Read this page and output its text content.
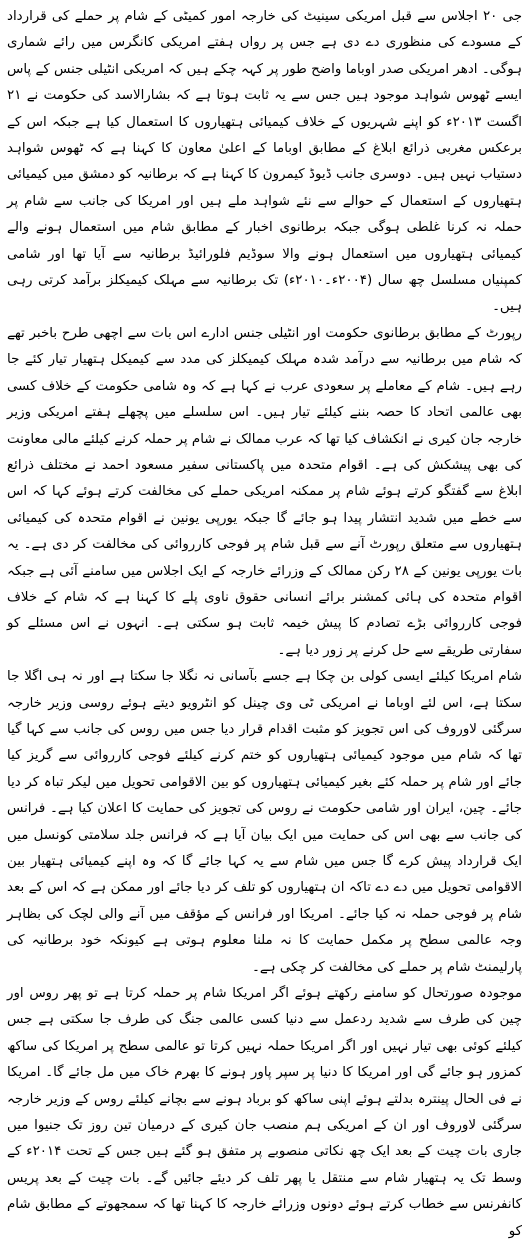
جی ۲۰ اجلاس سے قبل امریکی سینیٹ کی خارجہ امور کمیٹی کے شام پر حملے کی قرارداد کے مسودے کی منظوری دے دی ہے جس پر رواں ہفتے امریکی کانگرس میں رائے شماری ہوگی۔ ادھر امریکی صدر اوباما واضح طور پر کہہ چکے ہیں کہ امریکی انٹیلی جنس کے پاس ایسے ٹھوس شواہد موجود ہیں جس سے یہ ثابت ہوتا ہے کہ بشارالاسد کی حکومت نے ۲۱ اگست ۲۰۱۳ء کو اپنے شہریوں کے خلاف کیمیائی ہتھیاروں کا استعمال کیا ہے جبکہ اس کے برعکس مغربی ذرائع ابلاغ کے مطابق اوباما کے اعلیٰ معاون کا کہنا ہے کہ ٹھوس شواہد دستیاب نہیں ہیں۔ دوسری جانب ڈیوڈ کیمرون کا کہنا ہے کہ برطانیہ کو دمشق میں کیمیائی ہتھیاروں کے استعمال کے حوالے سے نئے شواہد ملے ہیں اور امریکا کی جانب سے شام پر حملہ نہ کرنا غلطی ہوگی جبکہ برطانوی اخبار کے مطابق شام میں استعمال ہونے والے کیمیائی ہتھیاروں میں استعمال ہونے والا سوڈیم فلورائیڈ برطانیہ سے آیا تھا اور شامی کمپنیاں مسلسل چھ سال (۲۰۰۴ء۔۲۰۱۰ء) تک برطانیہ سے مہلک کیمیکلز برآمد کرتی رہی ہیں۔

رپورٹ کے مطابق برطانوی حکومت اور انٹیلی جنس ادارے اس بات سے اچھی طرح باخبر تھے کہ شام میں برطانیہ سے درآمد شدہ مہلک کیمیکلز کی مدد سے کیمیکل ہتھیار تیار کئے جا رہے ہیں۔ شام کے معاملے پر سعودی عرب نے کہا ہے کہ وہ شامی حکومت کے خلاف کسی بھی عالمی اتحاد کا حصہ بننے کیلئے تیار ہیں۔ اس سلسلے میں پچھلے ہفتے امریکی وزیر خارجہ جان کیری نے انکشاف کیا تھا کہ عرب ممالک نے شام پر حملہ کرنے کیلئے مالی معاونت کی بھی پیشکش کی ہے۔ اقوام متحدہ میں پاکستانی سفیر مسعود احمد نے مختلف ذرائع ابلاغ سے گفتگو کرتے ہوئے شام پر ممکنہ امریکی حملے کی مخالفت کرتے ہوئے کہا کہ اس سے خطے میں شدید انتشار پیدا ہو جائے گا جبکہ یورپی یونین نے اقوام متحدہ کی کیمیائی ہتھیاروں سے متعلق رپورٹ آنے سے قبل شام پر فوجی کارروائی کی مخالفت کر دی ہے۔ یہ بات یورپی یونین کے ۲۸ رکن ممالک کے وزرائے خارجہ کے ایک اجلاس میں سامنے آئی ہے جبکہ اقوام متحدہ کی ہائی کمشنر برائے انسانی حقوق ناوی پلے کا کہنا ہے کہ شام کے خلاف فوجی کارروائی بڑے تصادم کا پیش خیمہ ثابت ہو سکتی ہے۔ انہوں نے اس مسئلے کو سفارتی طریقے سے حل کرنے پر زور دیا ہے۔

شام امریکا کیلئے ایسی کولی بن چکا ہے جسے بآسانی نہ نگلا جا سکتا ہے اور نہ ہی اگلا جا سکتا ہے، اس لئے اوباما نے امریکی ٹی وی چینل کو انٹرویو دیتے ہوئے روسی وزیر خارجہ سرگئی لاوروف کی اس تجویز کو مثبت اقدام قرار دیا جس میں روس کی جانب سے کہا گیا تھا کہ شام میں موجود کیمیائی ہتھیاروں کو ختم کرنے کیلئے فوجی کارروائی سے گریز کیا جائے اور شام پر حملہ کئے بغیر کیمیائی ہتھیاروں کو بین الاقوامی تحویل میں لیکر تباہ کر دیا جائے۔ چین، ایران اور شامی حکومت نے روس کی تجویز کی حمایت کا اعلان کیا ہے۔ فرانس کی جانب سے بھی اس کی حمایت میں ایک بیان آیا ہے کہ فرانس جلد سلامتی کونسل میں ایک قرارداد پیش کرے گا جس میں شام سے یہ کہا جائے گا کہ وہ اپنے کیمیائی ہتھیار بین الاقوامی تحویل میں دے دے تاکہ ان ہتھیاروں کو تلف کر دیا جائے اور ممکن ہے کہ اس کے بعد شام پر فوجی حملہ نہ کیا جائے۔ امریکا اور فرانس کے مؤقف میں آنے والی لچک کی بظاہر وجہ عالمی سطح پر مکمل حمایت کا نہ ملنا معلوم ہوتی ہے کیونکہ خود برطانیہ کی پارلیمنٹ شام پر حملے کی مخالفت کر چکی ہے۔

موجودہ صورتحال کو سامنے رکھتے ہوئے اگر امریکا شام پر حملہ کرتا ہے تو پھر روس اور چین کی طرف سے شدید ردعمل سے دنیا کسی عالمی جنگ کی طرف جا سکتی ہے جس کیلئے کوئی بھی تیار نہیں اور اگر امریکا حملہ نہیں کرتا تو عالمی سطح پر امریکا کی ساکھ کمزور ہو جائے گی اور امریکا کا دنیا پر سپر پاور ہونے کا بھرم خاک میں مل جائے گا۔ امریکا نے فی الحال پینترہ بدلتے ہوئے اپنی ساکھ کو برباد ہونے سے بچانے کیلئے روس کے وزیر خارجہ سرگئی لاوروف اور ان کے امریکی ہم منصب جان کیری کے درمیان تین روز تک جنیوا میں جاری بات چیت کے بعد ایک چھ نکاتی منصوبے پر متفق ہو گئے ہیں جس کے تحت ۲۰۱۴ء کے وسط تک یہ ہتھیار شام سے منتقل یا پھر تلف کر دیئے جائیں گے۔ بات چیت کے بعد پریس کانفرنس سے خطاب کرتے ہوئے دونوں وزرائے خارجہ کا کہنا تھا کہ سمجھوتے کے مطابق شام کو
